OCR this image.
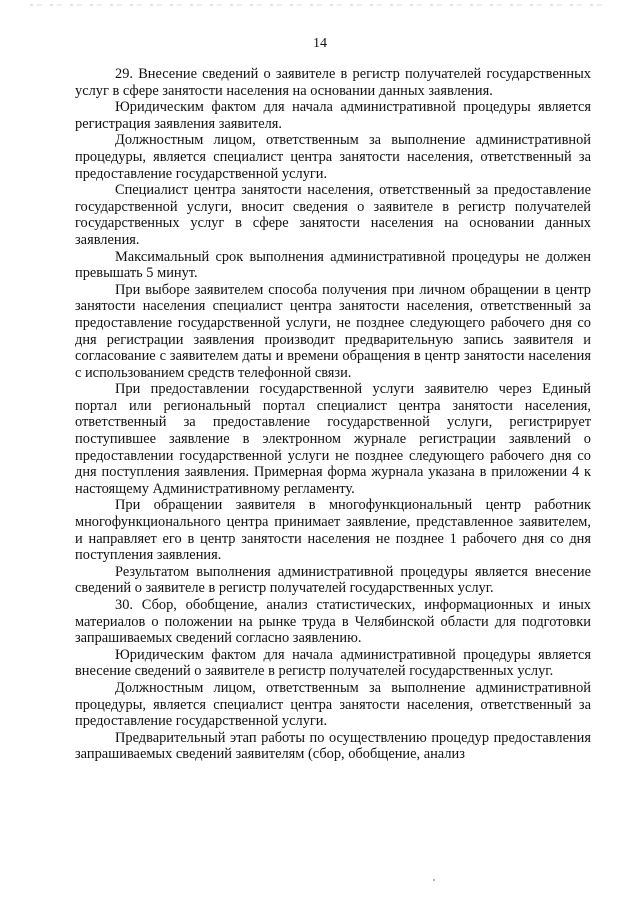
14

29. Внесение сведений о заявителе в регистр получателей государственных услуг в сфере занятости населения на основании данных заявления.

Юридическим фактом для начала административной процедуры является регистрация заявления заявителя.

Должностным лицом, ответственным за выполнение административной процедуры, является специалист центра занятости населения, ответственный за предоставление государственной услуги.

Специалист центра занятости населения, ответственный за предоставление государственной услуги, вносит сведения о заявителе в регистр получателей государственных услуг в сфере занятости населения на основании данных заявления.

Максимальный срок выполнения административной процедуры не должен превышать 5 минут.

При выборе заявителем способа получения при личном обращении в центр занятости населения специалист центра занятости населения, ответственный за предоставление государственной услуги, не позднее следующего рабочего дня со дня регистрации заявления производит предварительную запись заявителя и согласование с заявителем даты и времени обращения в центр занятости населения с использованием средств телефонной связи.

При предоставлении государственной услуги заявителю через Единый портал или региональный портал специалист центра занятости населения, ответственный за предоставление государственной услуги, регистрирует поступившее заявление в электронном журнале регистрации заявлений о предоставлении государственной услуги не позднее следующего рабочего дня со дня поступления заявления. Примерная форма журнала указана в приложении 4 к настоящему Административному регламенту.

При обращении заявителя в многофункциональный центр работник многофункционального центра принимает заявление, представленное заявителем, и направляет его в центр занятости населения не позднее 1 рабочего дня со дня поступления заявления.

Результатом выполнения административной процедуры является внесение сведений о заявителе в регистр получателей государственных услуг.

30. Сбор, обобщение, анализ статистических, информационных и иных материалов о положении на рынке труда в Челябинской области для подготовки запрашиваемых сведений согласно заявлению.

Юридическим фактом для начала административной процедуры является внесение сведений о заявителе в регистр получателей государственных услуг.

Должностным лицом, ответственным за выполнение административной процедуры, является специалист центра занятости населения, ответственный за предоставление государственной услуги.

Предварительный этап работы по осуществлению процедур предоставления запрашиваемых сведений заявителям (сбор, обобщение, анализ
